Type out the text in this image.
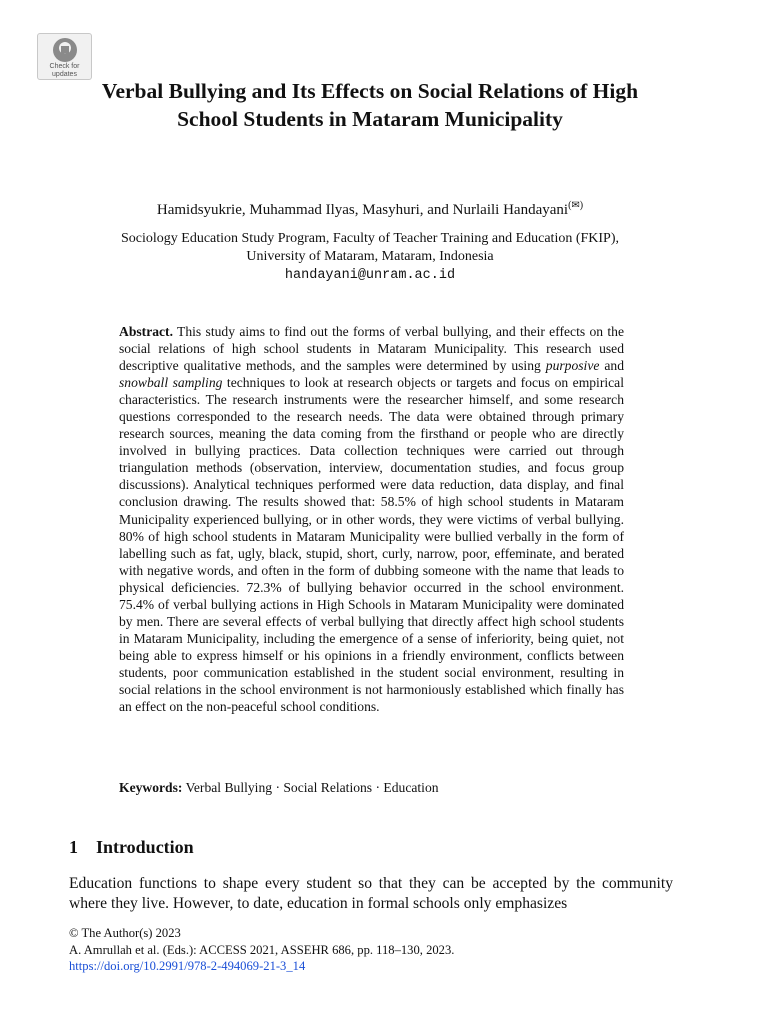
Check for
updates
Verbal Bullying and Its Effects on Social Relations of High School Students in Mataram Municipality
Hamidsyukrie, Muhammad Ilyas, Masyhuri, and Nurlaili Handayani(✉)
Sociology Education Study Program, Faculty of Teacher Training and Education (FKIP),
University of Mataram, Mataram, Indonesia
handayani@unram.ac.id
Abstract. This study aims to find out the forms of verbal bullying, and their effects on the social relations of high school students in Mataram Municipality. This research used descriptive qualitative methods, and the samples were determined by using purposive and snowball sampling techniques to look at research objects or targets and focus on empirical characteristics. The research instruments were the researcher himself, and some research questions corresponded to the research needs. The data were obtained through primary research sources, meaning the data coming from the firsthand or people who are directly involved in bullying practices. Data collection techniques were carried out through triangulation methods (observation, interview, documentation studies, and focus group discussions). Analytical techniques performed were data reduction, data display, and final conclusion drawing. The results showed that: 58.5% of high school students in Mataram Municipality experienced bullying, or in other words, they were victims of verbal bullying. 80% of high school students in Mataram Municipality were bullied verbally in the form of labelling such as fat, ugly, black, stupid, short, curly, narrow, poor, effeminate, and berated with negative words, and often in the form of dubbing someone with the name that leads to physical deficiencies. 72.3% of bullying behavior occurred in the school environment. 75.4% of verbal bullying actions in High Schools in Mataram Municipality were dominated by men. There are several effects of verbal bullying that directly affect high school students in Mataram Municipality, including the emergence of a sense of inferiority, being quiet, not being able to express himself or his opinions in a friendly environment, conflicts between students, poor communication established in the student social environment, resulting in social relations in the school environment is not harmoniously established which finally has an effect on the non-peaceful school conditions.
Keywords: Verbal Bullying · Social Relations · Education
1 Introduction
Education functions to shape every student so that they can be accepted by the community where they live. However, to date, education in formal schools only emphasizes
© The Author(s) 2023
A. Amrullah et al. (Eds.): ACCESS 2021, ASSEHR 686, pp. 118–130, 2023.
https://doi.org/10.2991/978-2-494069-21-3_14
